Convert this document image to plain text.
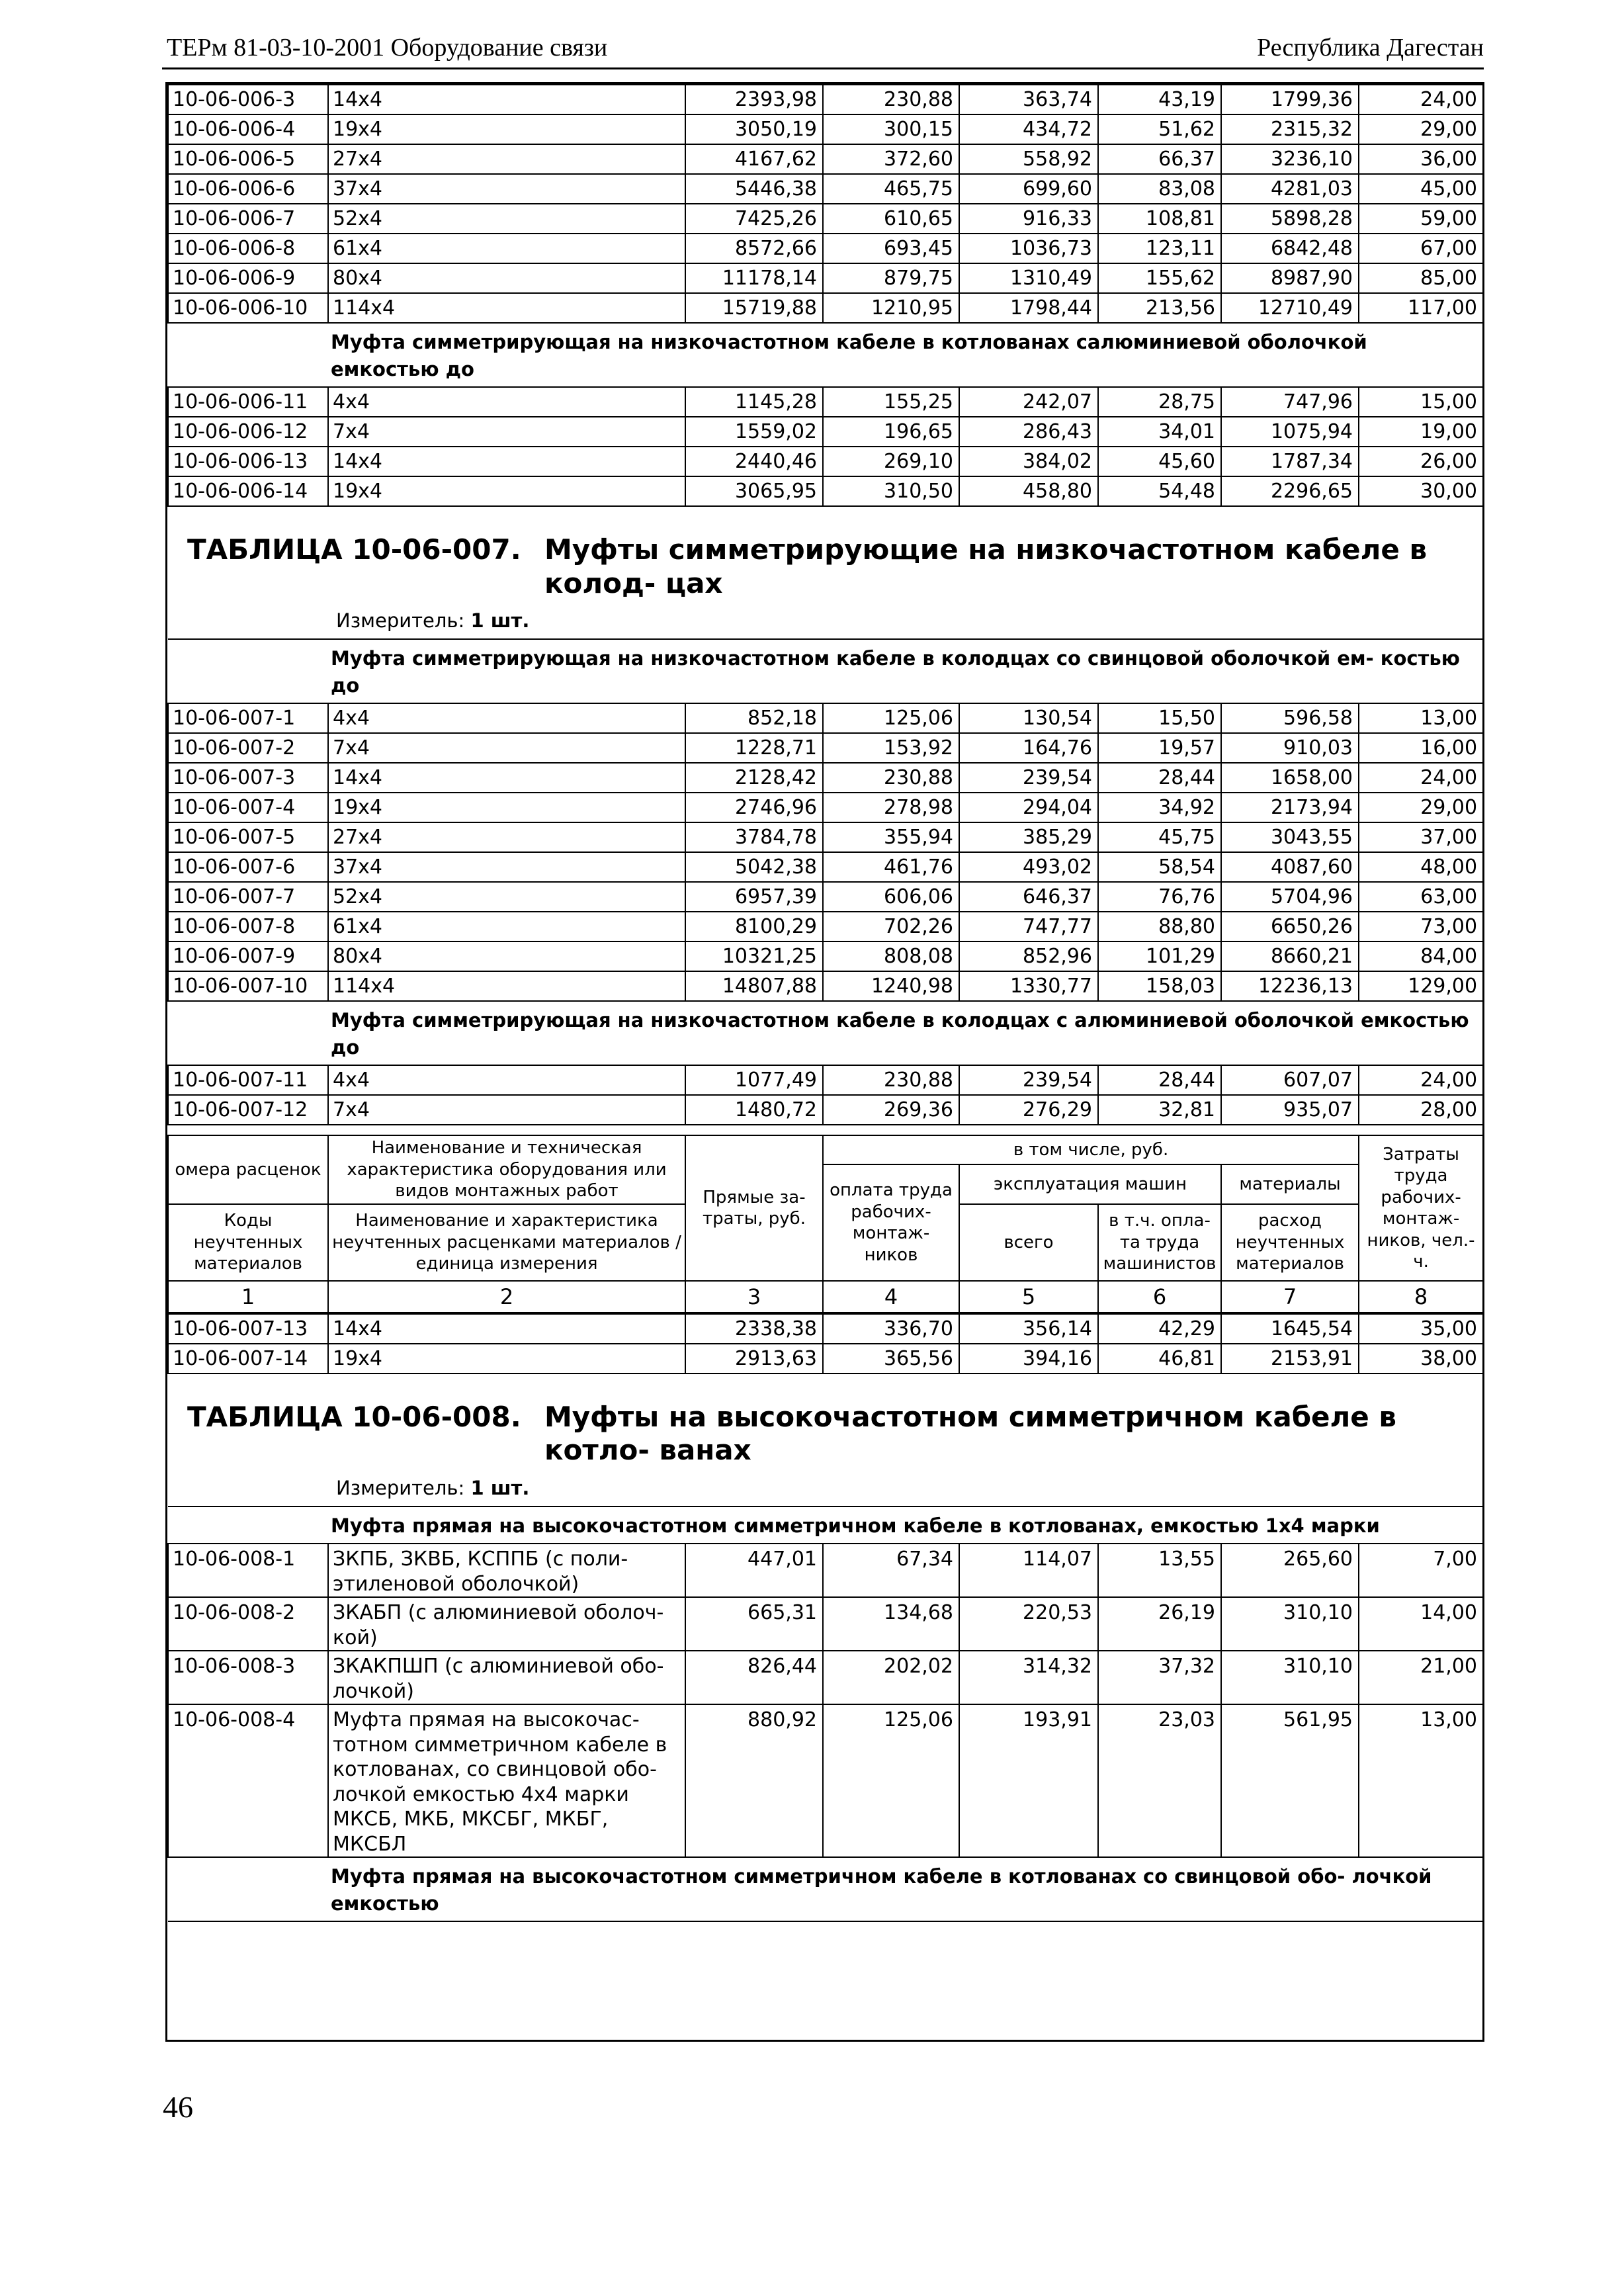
ТЕРм 81-03-10-2001 Оборудование связи	Республика Дагестан
10-06-006-3	14x4	2393,98	230,88	363,74	43,19	1799,36	24,00
10-06-006-4	19x4	3050,19	300,15	434,72	51,62	2315,32	29,00
10-06-006-5	27x4	4167,62	372,60	558,92	66,37	3236,10	36,00
10-06-006-6	37x4	5446,38	465,75	699,60	83,08	4281,03	45,00
10-06-006-7	52x4	7425,26	610,65	916,33	108,81	5898,28	59,00
10-06-006-8	61x4	8572,66	693,45	1036,73	123,11	6842,48	67,00
10-06-006-9	80x4	11178,14	879,75	1310,49	155,62	8987,90	85,00
10-06-006-10	114x4	15719,88	1210,95	1798,44	213,56	12710,49	117,00

Муфта симметрирующая на низкочастотном кабеле в котлованах салюминиевой оболочкой емкостью до							

10-06-006-11	4x4	1145,28	155,25	242,07	28,75	747,96	15,00
10-06-006-12	7x4	1559,02	196,65	286,43	34,01	1075,94	19,00
10-06-006-13	14x4	2440,46	269,10	384,02	45,60	1787,34	26,00
10-06-006-14	19x4	3065,95	310,50	458,80	54,48	2296,65	30,00
ТАБЛИЦА 10-06-007. Муфты симметрирующие на низкочастотном кабеле в колод- цах
Измеритель: 1 шт.
Муфта симметрирующая на низкочастотном кабеле в колодцах со свинцовой оболочкой ем- костью до							

10-06-007-1	4x4	852,18	125,06	130,54	15,50	596,58	13,00
10-06-007-2	7x4	1228,71	153,92	164,76	19,57	910,03	16,00
10-06-007-3	14x4	2128,42	230,88	239,54	28,44	1658,00	24,00
10-06-007-4	19x4	2746,96	278,98	294,04	34,92	2173,94	29,00
10-06-007-5	27x4	3784,78	355,94	385,29	45,75	3043,55	37,00
10-06-007-6	37x4	5042,38	461,76	493,02	58,54	4087,60	48,00
10-06-007-7	52x4	6957,39	606,06	646,37	76,76	5704,96	63,00
10-06-007-8	61x4	8100,29	702,26	747,77	88,80	6650,26	73,00
10-06-007-9	80x4	10321,25	808,08	852,96	101,29	8660,21	84,00
10-06-007-10	114x4	14807,88	1240,98	1330,77	158,03	12236,13	129,00

Муфта симметрирующая на низкочастотном кабеле в колодцах с алюминиевой оболочкой емкостью до							

10-06-007-11	4x4	1077,49	230,88	239,54	28,44	607,07	24,00
10-06-007-12	7x4	1480,72	269,36	276,29	32,81	935,07	28,00
омера расценок	Наименование и техническая характеристика оборудования или видов монтажных работ	Прямые за- траты, руб.	в том числе, руб.				Затраты труда рабочих- монтаж- ников, чел.-ч.
			оплата труда рабочих- монтаж- ников	эксплуатация машин		материалы	
Коды неучтенных материалов	Наименование и характеристика неучтенных расценками материалов / единица измерения			всего	в т.ч. опла- та труда машинистов	расход неучтенных материалов	

1	2	3	4	5	6	7	8
10-06-007-13	14x4	2338,38	336,70	356,14	42,29	1645,54	35,00
10-06-007-14	19x4	2913,63	365,56	394,16	46,81	2153,91	38,00
ТАБЛИЦА 10-06-008. Муфты на высокочастотном симметричном кабеле в котло- ванах
Измеритель: 1 шт.
Муфта прямая на высокочастотном симметричном кабеле в котлованах, емкостью 1x4 марки							

10-06-008-1	ЗКПБ, ЗКВБ, КСППБ (с поли- этиленовой оболочкой)	447,01	67,34	114,07	13,55	265,60	7,00
10-06-008-2	ЗКАБП (с алюминиевой оболоч- кой)	665,31	134,68	220,53	26,19	310,10	14,00
10-06-008-3	ЗКАКПШП (с алюминиевой обо- лочкой)	826,44	202,02	314,32	37,32	310,10	21,00
10-06-008-4	Муфта прямая на высокочас- тотном симметричном кабеле в котлованах, со свинцовой обо- лочкой емкостью 4x4 марки МКСБ, МКБ, МКСБГ, МКБГ, МКСБЛ	880,92	125,06	193,91	23,03	561,95	13,00

Муфта прямая на высокочастотном симметричном кабеле в котлованах со свинцовой обо- лочкой емкостью							
46
